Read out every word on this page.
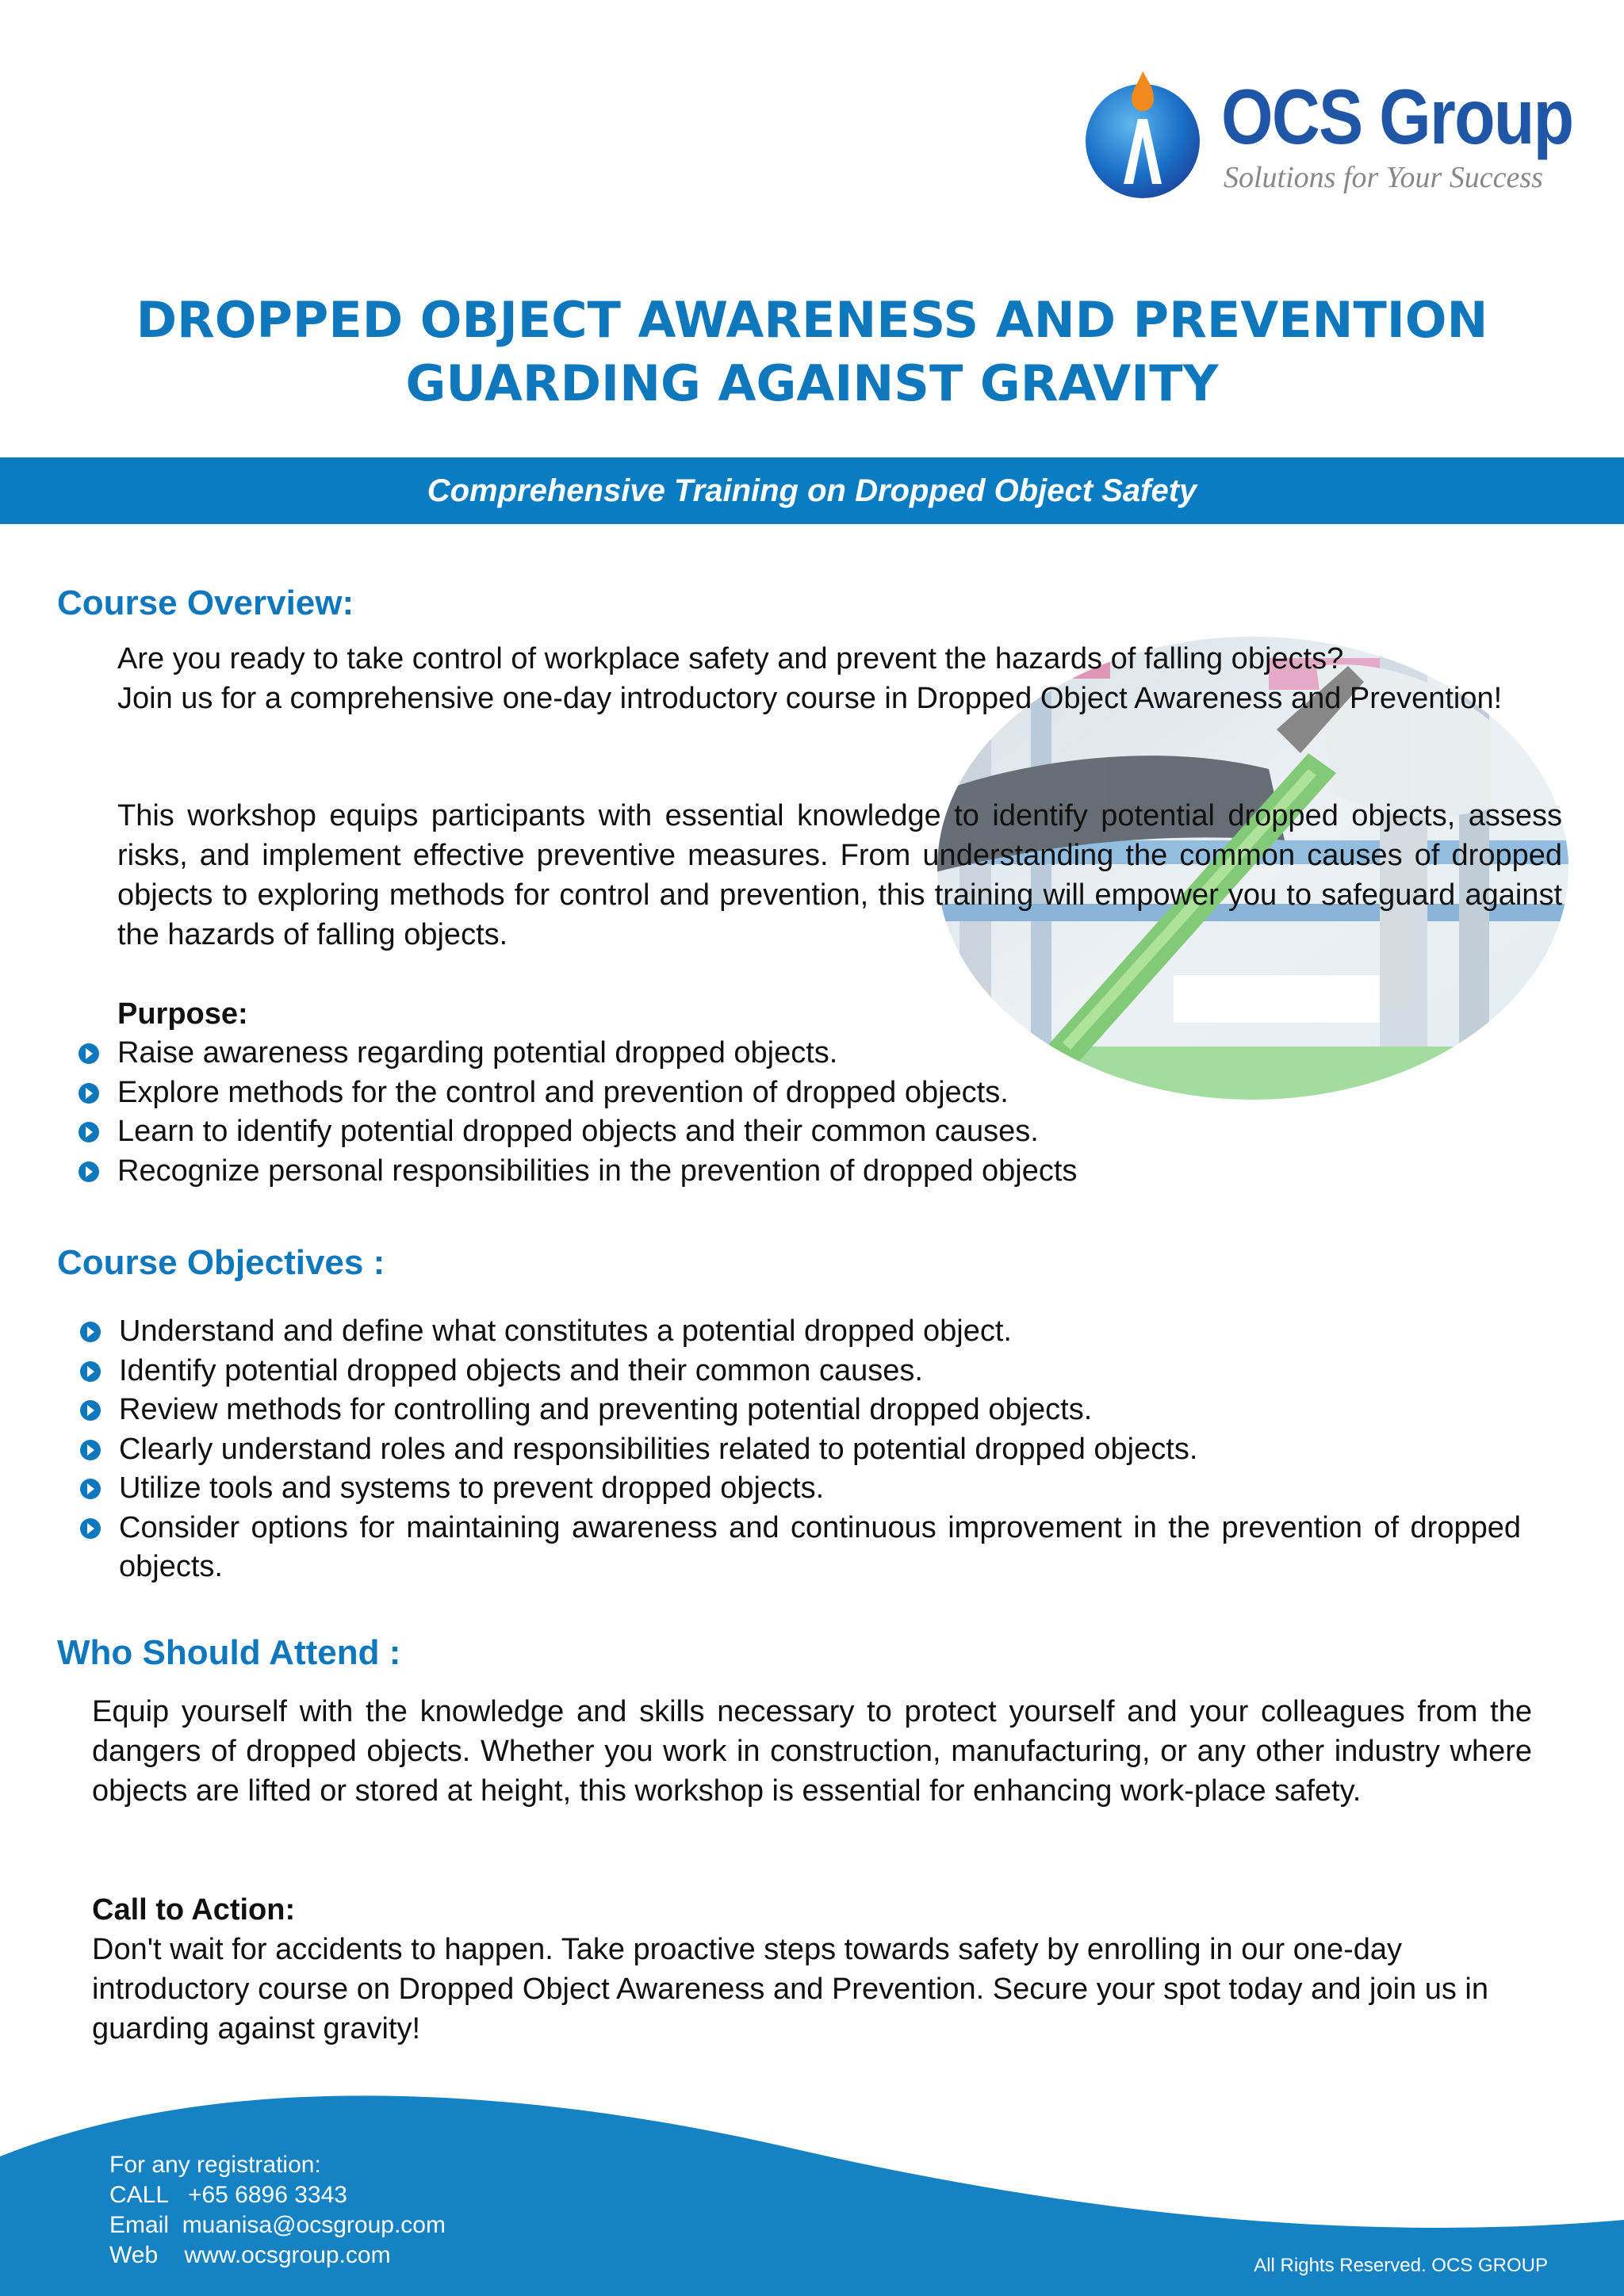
OCS Group
Solutions for Your Success
DROPPED OBJECT AWARENESS AND PREVENTION
GUARDING AGAINST GRAVITY
Comprehensive Training on Dropped Object Safety
Course Overview:
Are you ready to take control of workplace safety and prevent the hazards of falling objects?
Join us for a comprehensive one-day introductory course in Dropped Object Awareness and Prevention!
This workshop equips participants with essential knowledge to identify potential dropped objects, assess risks, and implement effective preventive measures. From understanding the common causes of dropped objects to exploring methods for control and prevention, this training will empower you to safeguard against the hazards of falling objects.
Purpose:
Raise awareness regarding potential dropped objects.
Explore methods for the control and prevention of dropped objects.
Learn to identify potential dropped objects and their common causes.
Recognize personal responsibilities in the prevention of dropped objects
Course Objectives :
Understand and define what constitutes a potential dropped object.
Identify potential dropped objects and their common causes.
Review methods for controlling and preventing potential dropped objects.
Clearly understand roles and responsibilities related to potential dropped objects.
Utilize tools and systems to prevent dropped objects.
Consider options for maintaining awareness and continuous improvement in the prevention of dropped objects.
Who Should Attend :
Equip yourself with the knowledge and skills necessary to protect yourself and your colleagues from the dangers of dropped objects. Whether you work in construction, manufacturing, or any other industry where objects are lifted or stored at height, this workshop is essential for enhancing work-place safety.
Call to Action:
Don't wait for accidents to happen. Take proactive steps towards safety by enrolling in our one-day introductory course on Dropped Object Awareness and Prevention. Secure your spot today and join us in guarding against gravity!
For any registration:
CALL +65 6896 3343
Email muanisa@ocsgroup.com
Web www.ocsgroup.com	All Rights Reserved. OCS GROUP
